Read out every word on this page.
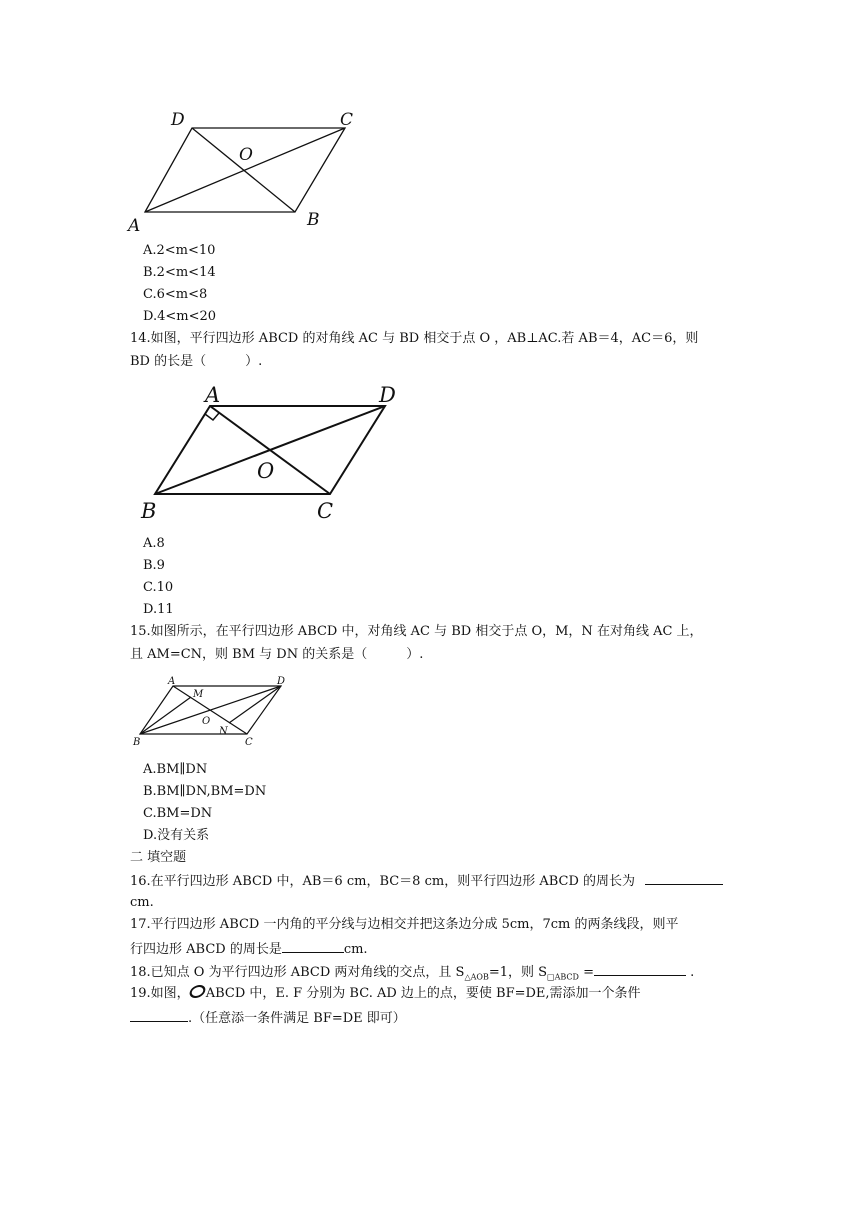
D	C
O
A	B
A.2<m<10
B.2<m<14
C.6<m<8
D.4<m<20
14.如图，平行四边形 ABCD 的对角线 AC 与 BD 相交于点 O ，AB⊥AC.若 AB＝4，AC＝6，则
BD 的长是（　　　）.
A	D
O
B	C
A.8
B.9
C.10
D.11
15.如图所示，在平行四边形 ABCD 中，对角线 AC 与 BD 相交于点 O，M，N 在对角线 AC 上，
且 AM=CN，则 BM 与 DN 的关系是（　　　）.
A
M
D
O
N
B	C
A.BM∥DN
B.BM∥DN,BM=DN
C.BM=DN
D.没有关系
二 填空题
16.在平行四边形 ABCD 中，AB＝6 cm，BC＝8 cm，则平行四边形 ABCD 的周长为
cm.
17.平行四边形 ABCD 一内角的平分线与边相交并把这条边分成 5cm，7cm 的两条线段，则平
行四边形 ABCD 的周长是	cm.
18.已知点 O 为平行四边形 ABCD 两对角线的交点，且 $S_{\triangle AOB}=1$，则 $S_{□ABCD}$ =	.
19.如图， ABCD 中，E. F 分别为 BC. AD 边上的点，要使 BF=DE,需添加一个条件
.（任意添一条件满足 BF=DE 即可）
